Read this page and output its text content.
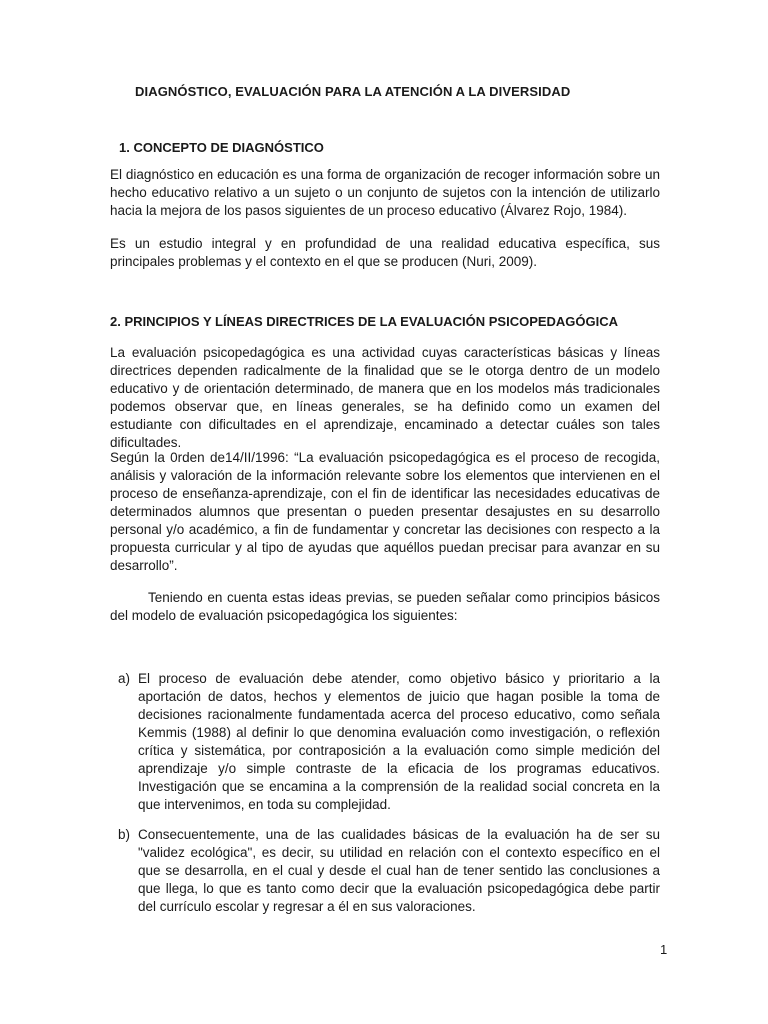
DIAGNÓSTICO, EVALUACIÓN PARA LA ATENCIÓN A LA DIVERSIDAD
1. CONCEPTO DE DIAGNÓSTICO

El diagnóstico en educación es una forma de organización de recoger información sobre un hecho educativo relativo a un sujeto o un conjunto de sujetos con la intención de utilizarlo hacia la mejora de los pasos siguientes de un proceso educativo (Álvarez Rojo, 1984).

Es un estudio integral y en profundidad de una realidad educativa específica, sus principales problemas y el contexto en el que se producen (Nuri, 2009).

2. PRINCIPIOS Y LÍNEAS DIRECTRICES DE LA EVALUACIÓN PSICOPEDAGÓGICA

La evaluación psicopedagógica es una actividad cuyas características básicas y líneas directrices dependen radicalmente de la finalidad que se le otorga dentro de un modelo educativo y de orientación determinado, de manera que en los modelos más tradicionales podemos observar que, en líneas generales, se ha definido como un examen del estudiante con dificultades en el aprendizaje, encaminado a detectar cuáles son tales dificultades.

Según la 0rden de14/II/1996: “La evaluación psicopedagógica es el proceso de recogida, análisis y valoración de la información relevante sobre los elementos que intervienen en el proceso de enseñanza-aprendizaje, con el fin de identificar las necesidades educativas de determinados alumnos que presentan o pueden presentar desajustes en su desarrollo personal y/o académico, a fin de fundamentar y concretar las decisiones con respecto a la propuesta curricular y al tipo de ayudas que aquéllos puedan precisar para avanzar en su desarrollo”.

Teniendo en cuenta estas ideas previas, se pueden señalar como principios básicos del modelo de evaluación psicopedagógica los siguientes:

a) El proceso de evaluación debe atender, como objetivo básico y prioritario a la aportación de datos, hechos y elementos de juicio que hagan posible la toma de decisiones racionalmente fundamentada acerca del proceso educativo, como señala Kemmis (1988) al definir lo que denomina evaluación como investigación, o reflexión crítica y sistemática, por contraposición a la evaluación como simple medición del aprendizaje y/o simple contraste de la eficacia de los programas educativos. Investigación que se encamina a la comprensión de la realidad social concreta en la que intervenimos, en toda su complejidad.
b) Consecuentemente, una de las cualidades básicas de la evaluación ha de ser su "validez ecológica", es decir, su utilidad en relación con el contexto específico en el que se desarrolla, en el cual y desde el cual han de tener sentido las conclusiones a que llega, lo que es tanto como decir que la evaluación psicopedagógica debe partir del currículo escolar y regresar a él en sus valoraciones.
1
